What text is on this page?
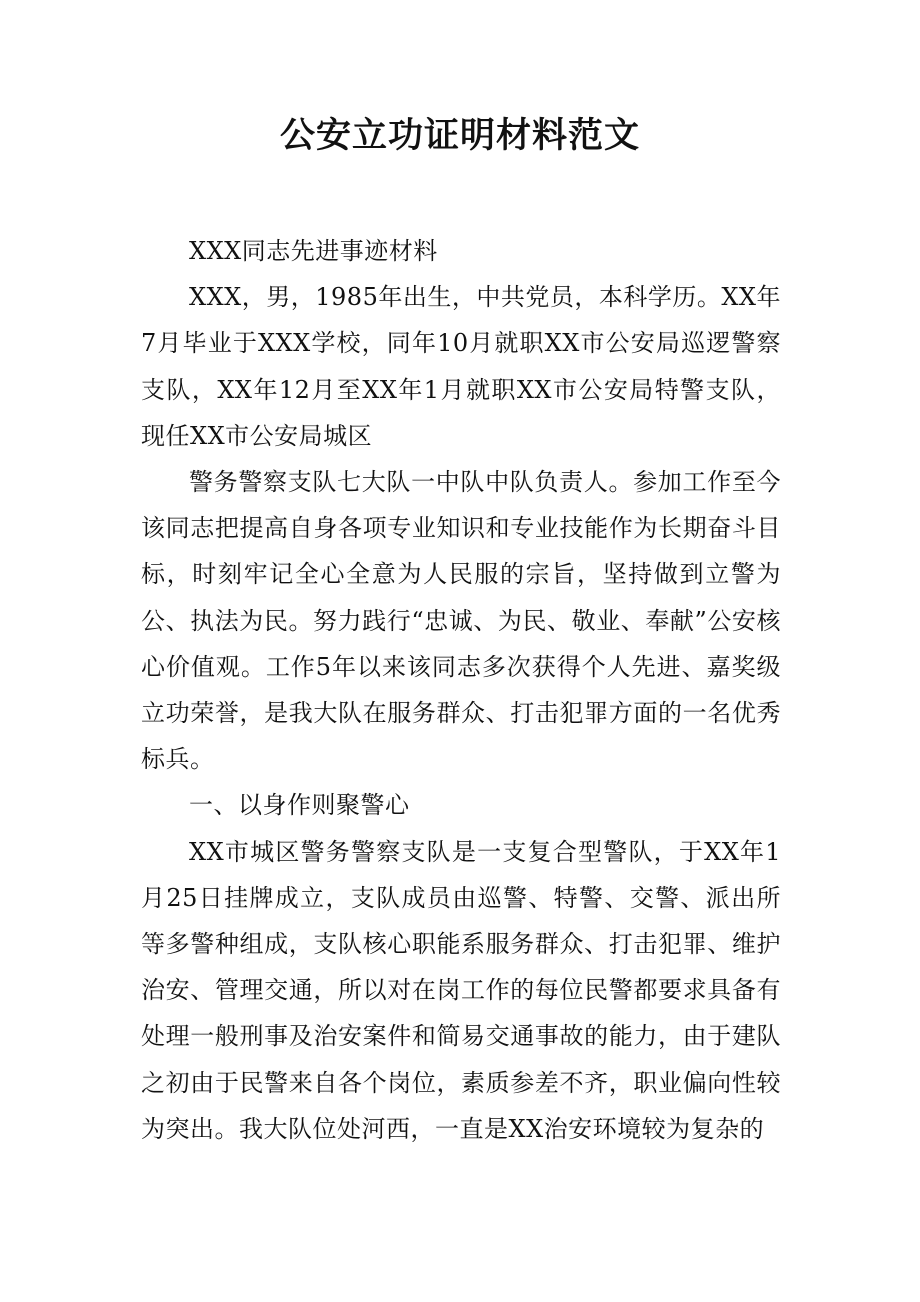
公安立功证明材料范文

XXX同志先进事迹材料

XXX，男，1985年出生，中共党员，本科学历。XX年7月毕业于XXX学校，同年10月就职XX市公安局巡逻警察支队，XX年12月至XX年1月就职XX市公安局特警支队，现任XX市公安局城区

警务警察支队七大队一中队中队负责人。参加工作至今该同志把提高自身各项专业知识和专业技能作为长期奋斗目标，时刻牢记全心全意为人民服的宗旨，坚持做到立警为公、执法为民。努力践行“忠诚、为民、敬业、奉献”公安核心价值观。工作5年以来该同志多次获得个人先进、嘉奖级立功荣誉，是我大队在服务群众、打击犯罪方面的一名优秀标兵。

一、以身作则聚警心

XX市城区警务警察支队是一支复合型警队，于XX年1月25日挂牌成立，支队成员由巡警、特警、交警、派出所等多警种组成，支队核心职能系服务群众、打击犯罪、维护治安、管理交通，所以对在岗工作的每位民警都要求具备有处理一般刑事及治安案件和简易交通事故的能力，由于建队之初由于民警来自各个岗位，素质参差不齐，职业偏向性较为突出。我大队位处河西，一直是XX治安环境较为复杂的
